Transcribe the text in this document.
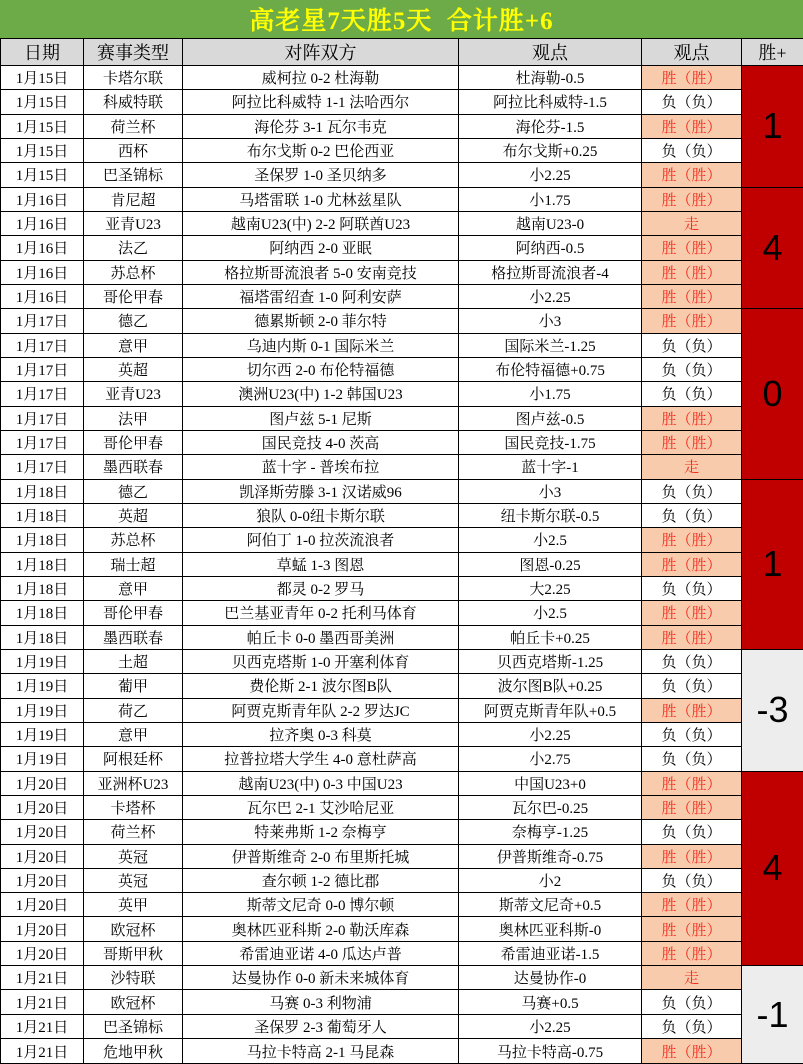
高老星7天胜5天  合计胜+6
日期	赛事类型	对阵双方	观点	观点	胜+
1月15日	卡塔尔联	威柯拉 0-2 杜海勒	杜海勒-0.5	胜（胜）	1
1月15日	科威特联	阿拉比科威特 1-1 法哈西尔	阿拉比科威特-1.5	负（负）	
1月15日	荷兰杯	海伦芬 3-1 瓦尔韦克	海伦芬-1.5	胜（胜）	
1月15日	西杯	布尔戈斯 0-2 巴伦西亚	布尔戈斯+0.25	负（负）	
1月15日	巴圣锦标	圣保罗 1-0 圣贝纳多	小2.25	胜（胜）	
1月16日	肯尼超	马塔雷联 1-0 尤林兹星队	小1.75	胜（胜）	4
1月16日	亚青U23	越南U23(中) 2-2 阿联酋U23	越南U23-0	走	
1月16日	法乙	阿纳西 2-0 亚眠	阿纳西-0.5	胜（胜）	
1月16日	苏总杯	格拉斯哥流浪者 5-0 安南竞技	格拉斯哥流浪者-4	胜（胜）	
1月16日	哥伦甲春	福塔雷绍查 1-0 阿利安萨	小2.25	胜（胜）	
1月17日	德乙	德累斯顿 2-0 菲尔特	小3	胜（胜）	0
1月17日	意甲	乌迪内斯 0-1 国际米兰	国际米兰-1.25	负（负）	
1月17日	英超	切尔西 2-0 布伦特福德	布伦特福德+0.75	负（负）	
1月17日	亚青U23	澳洲U23(中) 1-2 韩国U23	小1.75	负（负）	
1月17日	法甲	图卢兹 5-1 尼斯	图卢兹-0.5	胜（胜）	
1月17日	哥伦甲春	国民竞技 4-0 茨高	国民竞技-1.75	胜（胜）	
1月17日	墨西联春	蓝十字 - 普埃布拉	蓝十字-1	走	
1月18日	德乙	凯泽斯劳滕 3-1 汉诺威96	小3	负（负）	1
1月18日	英超	狼队 0-0纽卡斯尔联	纽卡斯尔联-0.5	负（负）	
1月18日	苏总杯	阿伯丁 1-0 拉茨流浪者	小2.5	胜（胜）	
1月18日	瑞士超	草蜢 1-3 图恩	图恩-0.25	胜（胜）	
1月18日	意甲	都灵 0-2 罗马	大2.25	负（负）	
1月18日	哥伦甲春	巴兰基亚青年 0-2 托利马体育	小2.5	胜（胜）	
1月18日	墨西联春	帕丘卡 0-0 墨西哥美洲	帕丘卡+0.25	胜（胜）	
1月19日	土超	贝西克塔斯 1-0 开塞利体育	贝西克塔斯-1.25	负（负）	-3
1月19日	葡甲	费伦斯 2-1 波尔图B队	波尔图B队+0.25	负（负）	
1月19日	荷乙	阿贾克斯青年队 2-2 罗达JC	阿贾克斯青年队+0.5	胜（胜）	
1月19日	意甲	拉齐奥 0-3 科莫	小2.25	负（负）	
1月19日	阿根廷杯	拉普拉塔大学生 4-0 意杜萨高	小2.75	负（负）	
1月20日	亚洲杯U23	越南U23(中) 0-3 中国U23	中国U23+0	胜（胜）	4
1月20日	卡塔杯	瓦尔巴 2-1 艾沙哈尼亚	瓦尔巴-0.25	胜（胜）	
1月20日	荷兰杯	特莱弗斯 1-2 奈梅亨	奈梅亨-1.25	负（负）	
1月20日	英冠	伊普斯维奇 2-0 布里斯托城	伊普斯维奇-0.75	胜（胜）	
1月20日	英冠	查尔顿 1-2 德比郡	小2	负（负）	
1月20日	英甲	斯蒂文尼奇 0-0 博尔顿	斯蒂文尼奇+0.5	胜（胜）	
1月20日	欧冠杯	奥林匹亚科斯 2-0 勒沃库森	奥林匹亚科斯-0	胜（胜）	
1月20日	哥斯甲秋	希雷迪亚诺 4-0 瓜达卢普	希雷迪亚诺-1.5	胜（胜）	
1月21日	沙特联	达曼协作 0-0 新未来城体育	达曼协作-0	走	-1
1月21日	欧冠杯	马赛 0-3 利物浦	马赛+0.5	负（负）	
1月21日	巴圣锦标	圣保罗 2-3 葡萄牙人	小2.25	负（负）	
1月21日	危地甲秋	马拉卡特高 2-1 马昆森	马拉卡特高-0.75	胜（胜）	
